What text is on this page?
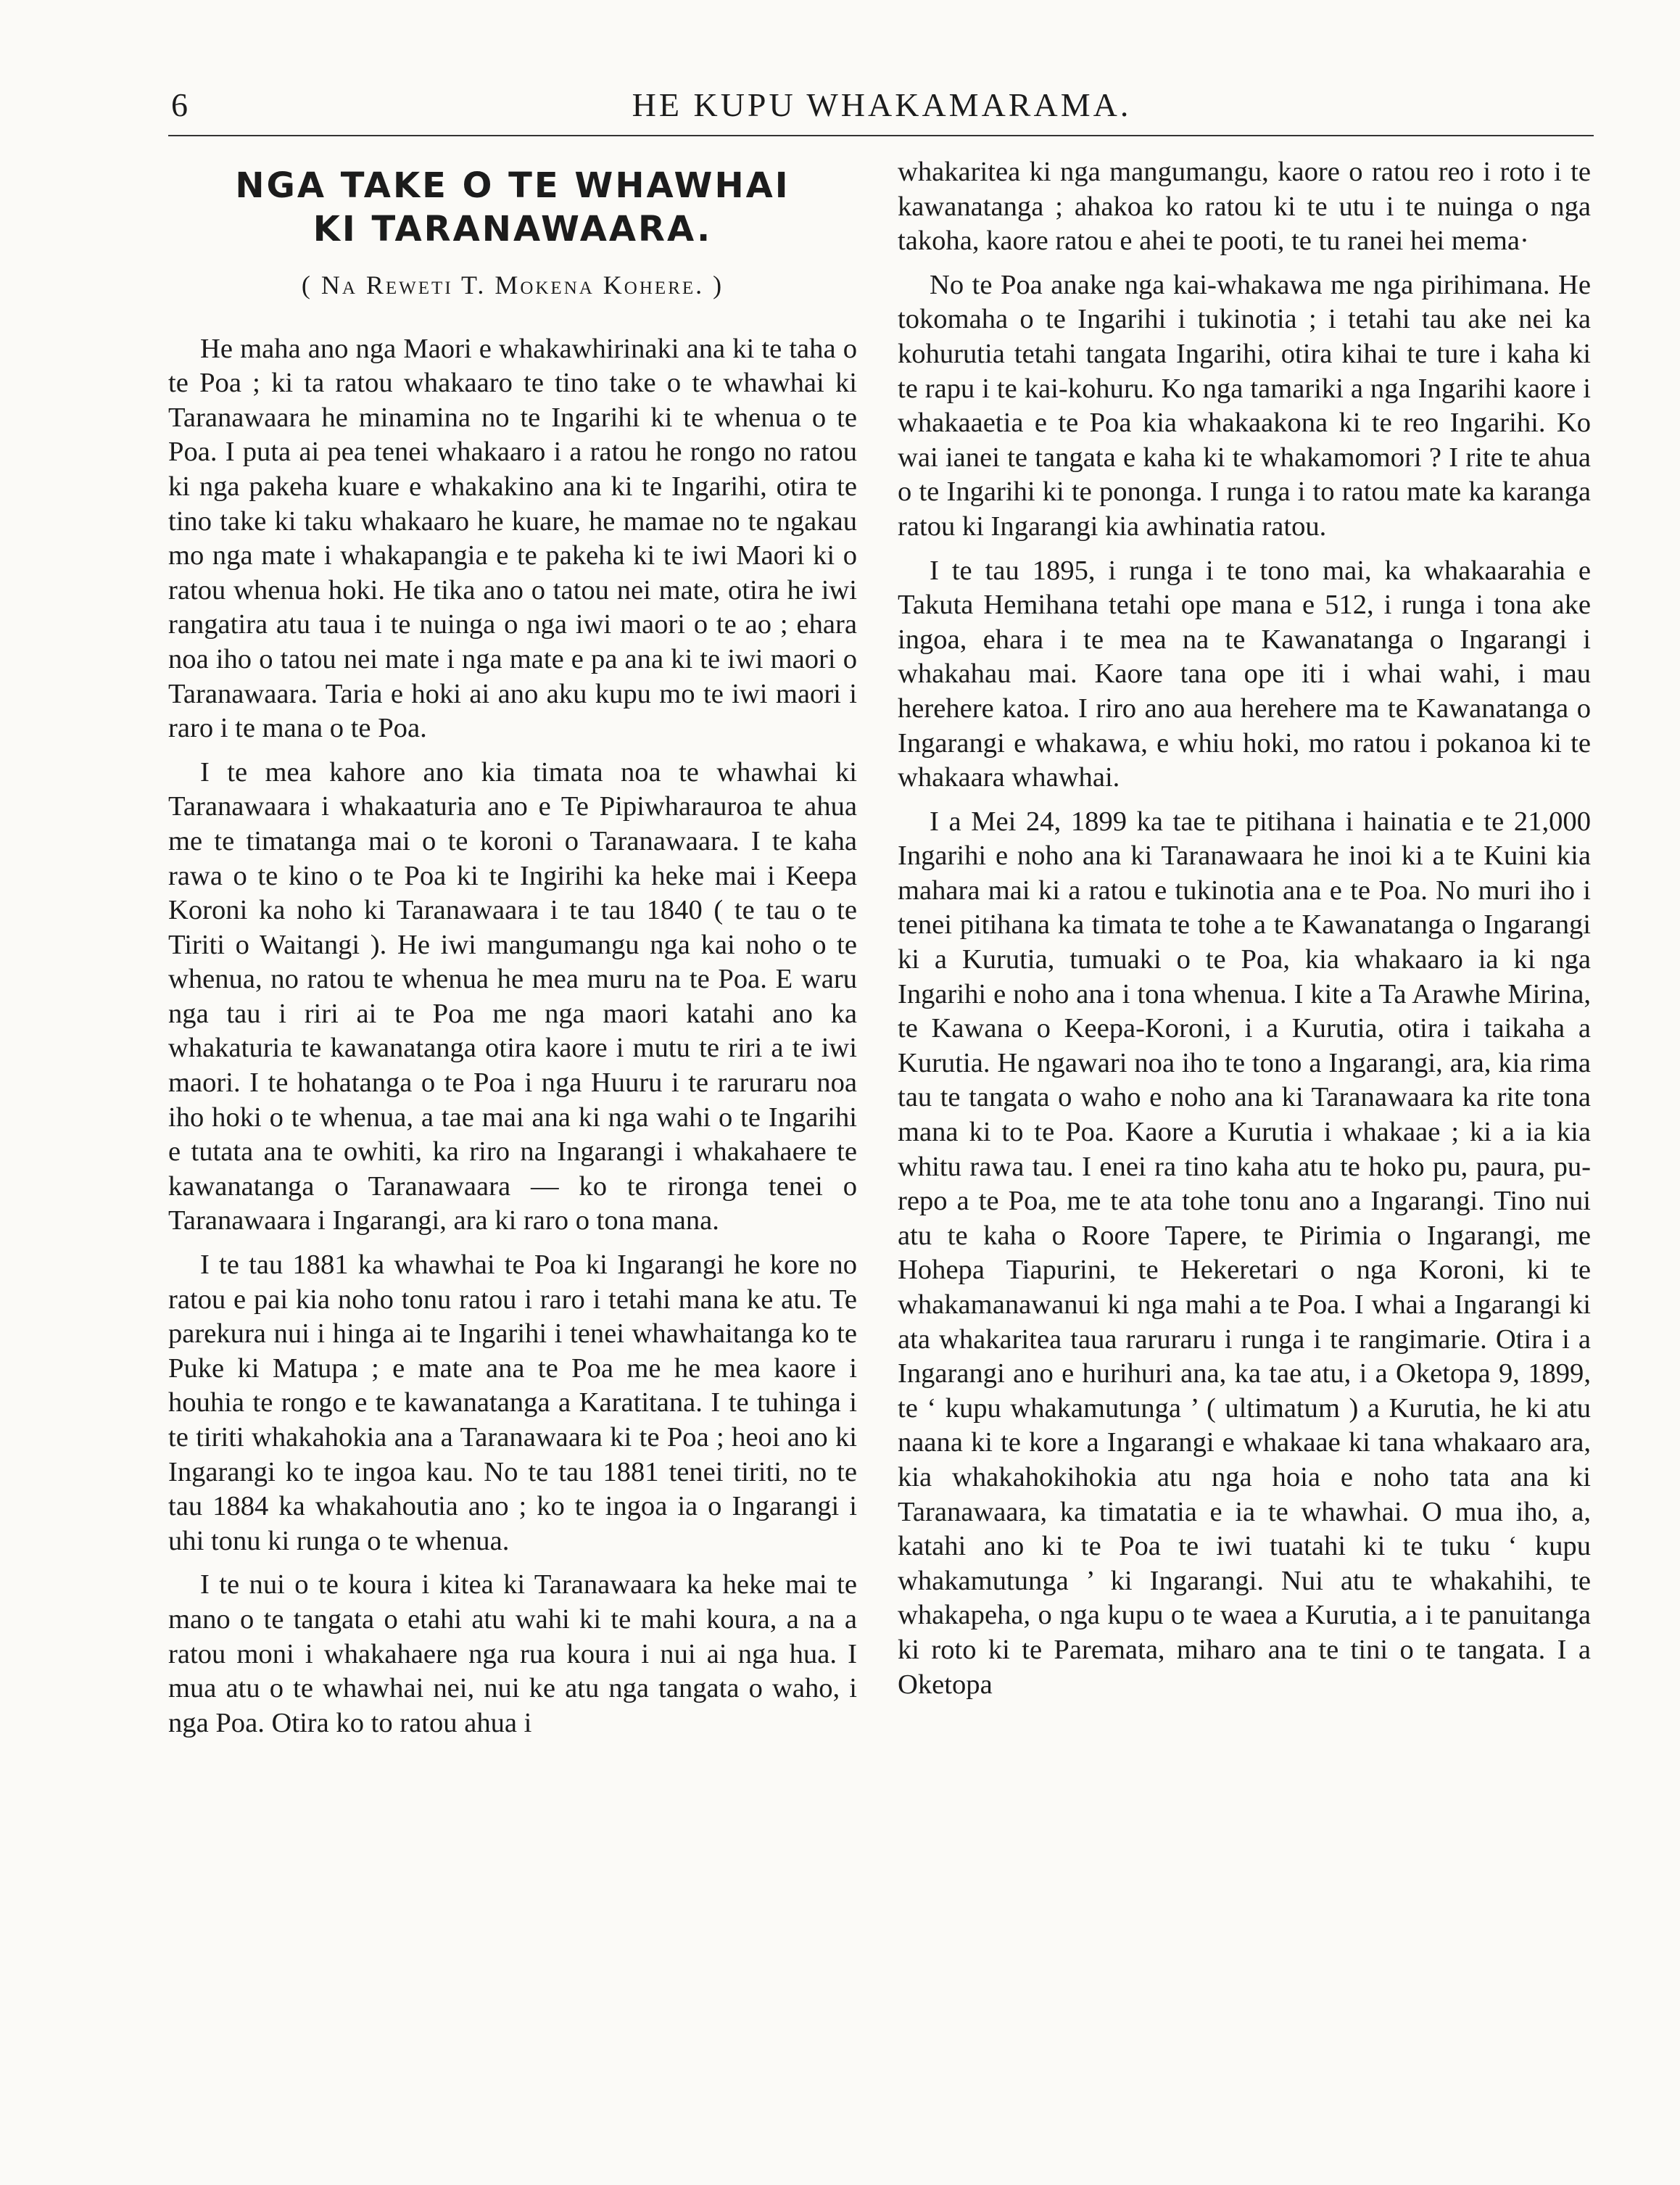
6	HE KUPU WHAKAMARAMA.
NGA TAKE O TE WHAWHAI
KI TARANAWAARA.
( Na Reweti T. Mokena Kohere. )

He maha ano nga Maori e whakawhirinaki ana ki te taha o te Poa ; ki ta ratou whakaaro te tino take o te whawhai ki Taranawaara he minamina no te Ingarihi ki te whenua o te Poa. I puta ai pea tenei whakaaro i a ratou he rongo no ratou ki nga pakeha kuare e whakakino ana ki te Ingarihi, otira te tino take ki taku whakaaro he kuare, he mamae no te ngakau mo nga mate i whakapangia e te pakeha ki te iwi Maori ki o ratou whenua hoki. He tika ano o tatou nei mate, otira he iwi rangatira atu taua i te nuinga o nga iwi maori o te ao ; ehara noa iho o tatou nei mate i nga mate e pa ana ki te iwi maori o Taranawaara. Taria e hoki ai ano aku kupu mo te iwi maori i raro i te mana o te Poa.

I te mea kahore ano kia timata noa te whawhai ki Taranawaara i whakaaturia ano e Te Pipiwharauroa te ahua me te timatanga mai o te koroni o Taranawaara. I te kaha rawa o te kino o te Poa ki te Ingirihi ka heke mai i Keepa Koroni ka noho ki Taranawaara i te tau 1840 ( te tau o te Tiriti o Waitangi ). He iwi mangumangu nga kai noho o te whenua, no ratou te whenua he mea muru na te Poa. E waru nga tau i riri ai te Poa me nga maori katahi ano ka whakaturia te kawanatanga otira kaore i mutu te riri a te iwi maori. I te hohatanga o te Poa i nga Huuru i te raruraru noa iho hoki o te whenua, a tae mai ana ki nga wahi o te Ingarihi e tutata ana te owhiti, ka riro na Ingarangi i whakahaere te kawanatanga o Taranawaara — ko te rironga tenei o Taranawaara i Ingarangi, ara ki raro o tona mana.

I te tau 1881 ka whawhai te Poa ki Ingarangi he kore no ratou e pai kia noho tonu ratou i raro i tetahi mana ke atu. Te parekura nui i hinga ai te Ingarihi i tenei whawhaitanga ko te Puke ki Matupa ; e mate ana te Poa me he mea kaore i houhia te rongo e te kawanatanga a Karatitana. I te tuhinga i te tiriti whakahokia ana a Taranawaara ki te Poa ; heoi ano ki Ingarangi ko te ingoa kau. No te tau 1881 tenei tiriti, no te tau 1884 ka whakahoutia ano ; ko te ingoa ia o Ingarangi i uhi tonu ki runga o te whenua.

I te nui o te koura i kitea ki Taranawaara ka heke mai te mano o te tangata o etahi atu wahi ki te mahi koura, a na a ratou moni i whakahaere nga rua koura i nui ai nga hua. I mua atu o te whawhai nei, nui ke atu nga tangata o waho, i nga Poa. Otira ko to ratou ahua i

whakaritea ki nga mangumangu, kaore o ratou reo i roto i te kawanatanga ; ahakoa ko ratou ki te utu i te nuinga o nga takoha, kaore ratou e ahei te pooti, te tu ranei hei mema·

No te Poa anake nga kai-whakawa me nga pirihimana. He tokomaha o te Ingarihi i tukinotia ; i tetahi tau ake nei ka kohurutia tetahi tangata Ingarihi, otira kihai te ture i kaha ki te rapu i te kai-kohuru. Ko nga tamariki a nga Ingarihi kaore i whakaaetia e te Poa kia whakaakona ki te reo Ingarihi. Ko wai ianei te tangata e kaha ki te whakamomori ? I rite te ahua o te Ingarihi ki te pononga. I runga i to ratou mate ka karanga ratou ki Ingarangi kia awhinatia ratou.

I te tau 1895, i runga i te tono mai, ka whakaarahia e Takuta Hemihana tetahi ope mana e 512, i runga i tona ake ingoa, ehara i te mea na te Kawanatanga o Ingarangi i whakahau mai. Kaore tana ope iti i whai wahi, i mau herehere katoa. I riro ano aua herehere ma te Kawanatanga o Ingarangi e whakawa, e whiu hoki, mo ratou i pokanoa ki te whakaara whawhai.

I a Mei 24, 1899 ka tae te pitihana i hainatia e te 21,000 Ingarihi e noho ana ki Taranawaara he inoi ki a te Kuini kia mahara mai ki a ratou e tukinotia ana e te Poa. No muri iho i tenei pitihana ka timata te tohe a te Kawanatanga o Ingarangi ki a Kurutia, tumuaki o te Poa, kia whakaaro ia ki nga Ingarihi e noho ana i tona whenua. I kite a Ta Arawhe Mirina, te Kawana o Keepa-Koroni, i a Kurutia, otira i taikaha a Kurutia. He ngawari noa iho te tono a Ingarangi, ara, kia rima tau te tangata o waho e noho ana ki Taranawaara ka rite tona mana ki to te Poa. Kaore a Kurutia i whakaae ; ki a ia kia whitu rawa tau. I enei ra tino kaha atu te hoko pu, paura, pu-repo a te Poa, me te ata tohe tonu ano a Ingarangi. Tino nui atu te kaha o Roore Tapere, te Pirimia o Ingarangi, me Hohepa Tiapurini, te Hekeretari o nga Koroni, ki te whakamanawanui ki nga mahi a te Poa. I whai a Ingarangi ki ata whakaritea taua raruraru i runga i te rangimarie. Otira i a Ingarangi ano e hurihuri ana, ka tae atu, i a Oketopa 9, 1899, te ‘ kupu whakamutunga ’ ( ultimatum ) a Kurutia, he ki atu naana ki te kore a Ingarangi e whakaae ki tana whakaaro ara, kia whakahokihokia atu nga hoia e noho tata ana ki Taranawaara, ka timatatia e ia te whawhai. O mua iho, a, katahi ano ki te Poa te iwi tuatahi ki te tuku ‘ kupu whakamutunga ’ ki Ingarangi. Nui atu te whakahihi, te whakapeha, o nga kupu o te waea a Kurutia, a i te panuitanga ki roto ki te Paremata, miharo ana te tini o te tangata. I a Oketopa
